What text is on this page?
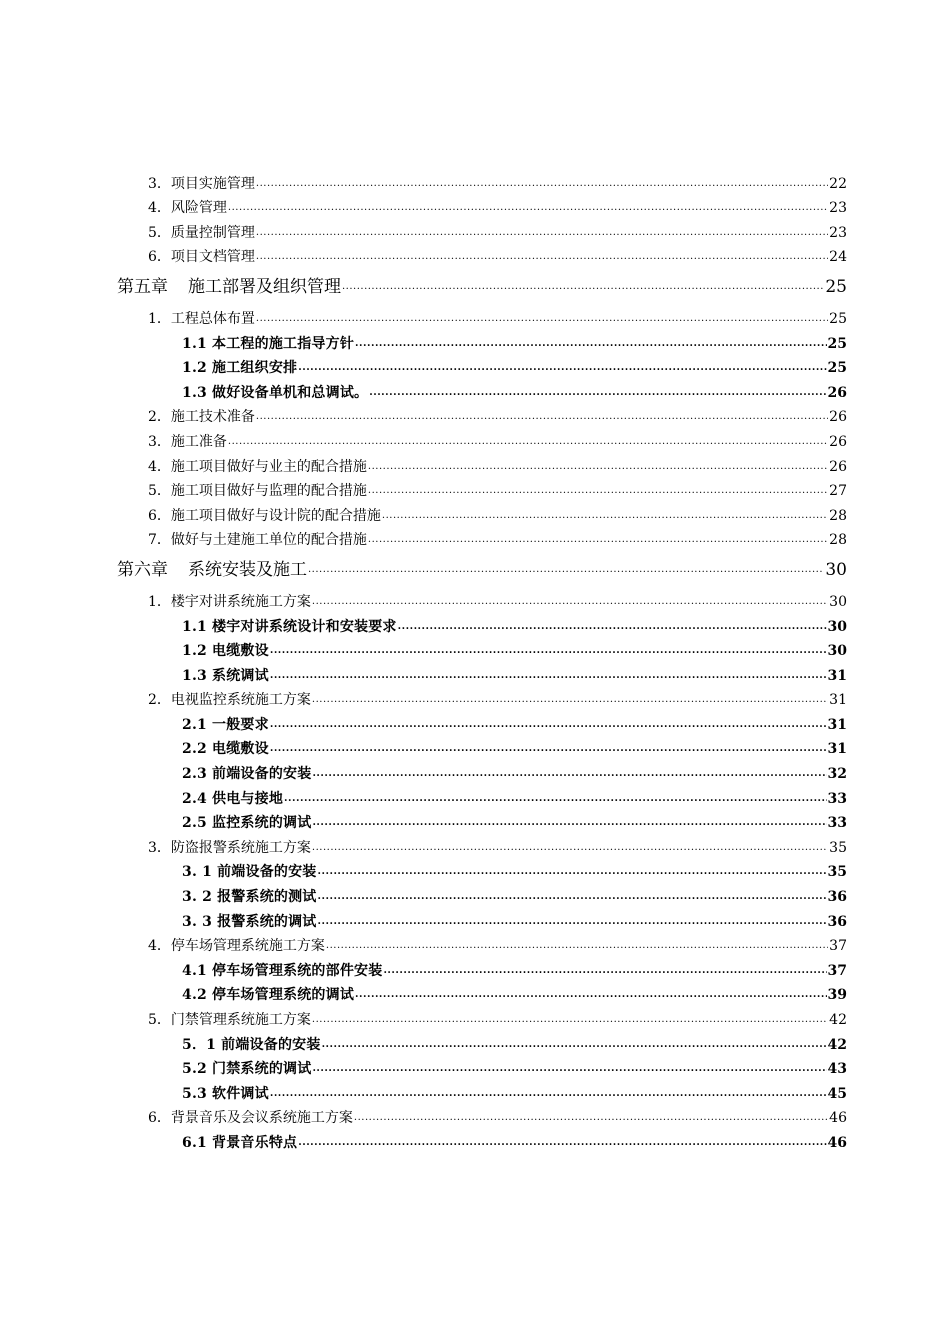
3．项目实施管理 .....	22
4．风险管理 .....	23
5．质量控制管理 .....	23
6．项目文档管理 .....	24
第五章 施工部署及组织管理 .....	25
1．工程总体布置 .....	25
1.1 本工程的施工指导方针 .....	25
1.2 施工组织安排 .....	25
1.3 做好设备单机和总调试。 .....	26
2．施工技术准备 .....	26
3．施工准备 .....	26
4．施工项目做好与业主的配合措施 .....	26
5．施工项目做好与监理的配合措施 .....	27
6．施工项目做好与设计院的配合措施 .....	28
7．做好与土建施工单位的配合措施 .....	28
第六章 系统安装及施工 .....	30
1．楼宇对讲系统施工方案 .....	30
1.1 楼宇对讲系统设计和安装要求 .....	30
1.2 电缆敷设 .....	30
1.3 系统调试 .....	31
2．电视监控系统施工方案 .....	31
2.1 一般要求 .....	31
2.2 电缆敷设 .....	31
2.3 前端设备的安装 .....	32
2.4 供电与接地 .....	33
2.5 监控系统的调试 .....	33
3．防盗报警系统施工方案 .....	35
3. 1 前端设备的安装 .....	35
3. 2 报警系统的测试 .....	36
3. 3 报警系统的调试 .....	36
4．停车场管理系统施工方案 .....	37
4.1 停车场管理系统的部件安装 .....	37
4.2 停车场管理系统的调试 .....	39
5．门禁管理系统施工方案 .....	42
5．1 前端设备的安装 .....	42
5.2 门禁系统的调试 .....	43
5.3 软件调试 .....	45
6．背景音乐及会议系统施工方案 .....	46
6.1 背景音乐特点 .....	46
